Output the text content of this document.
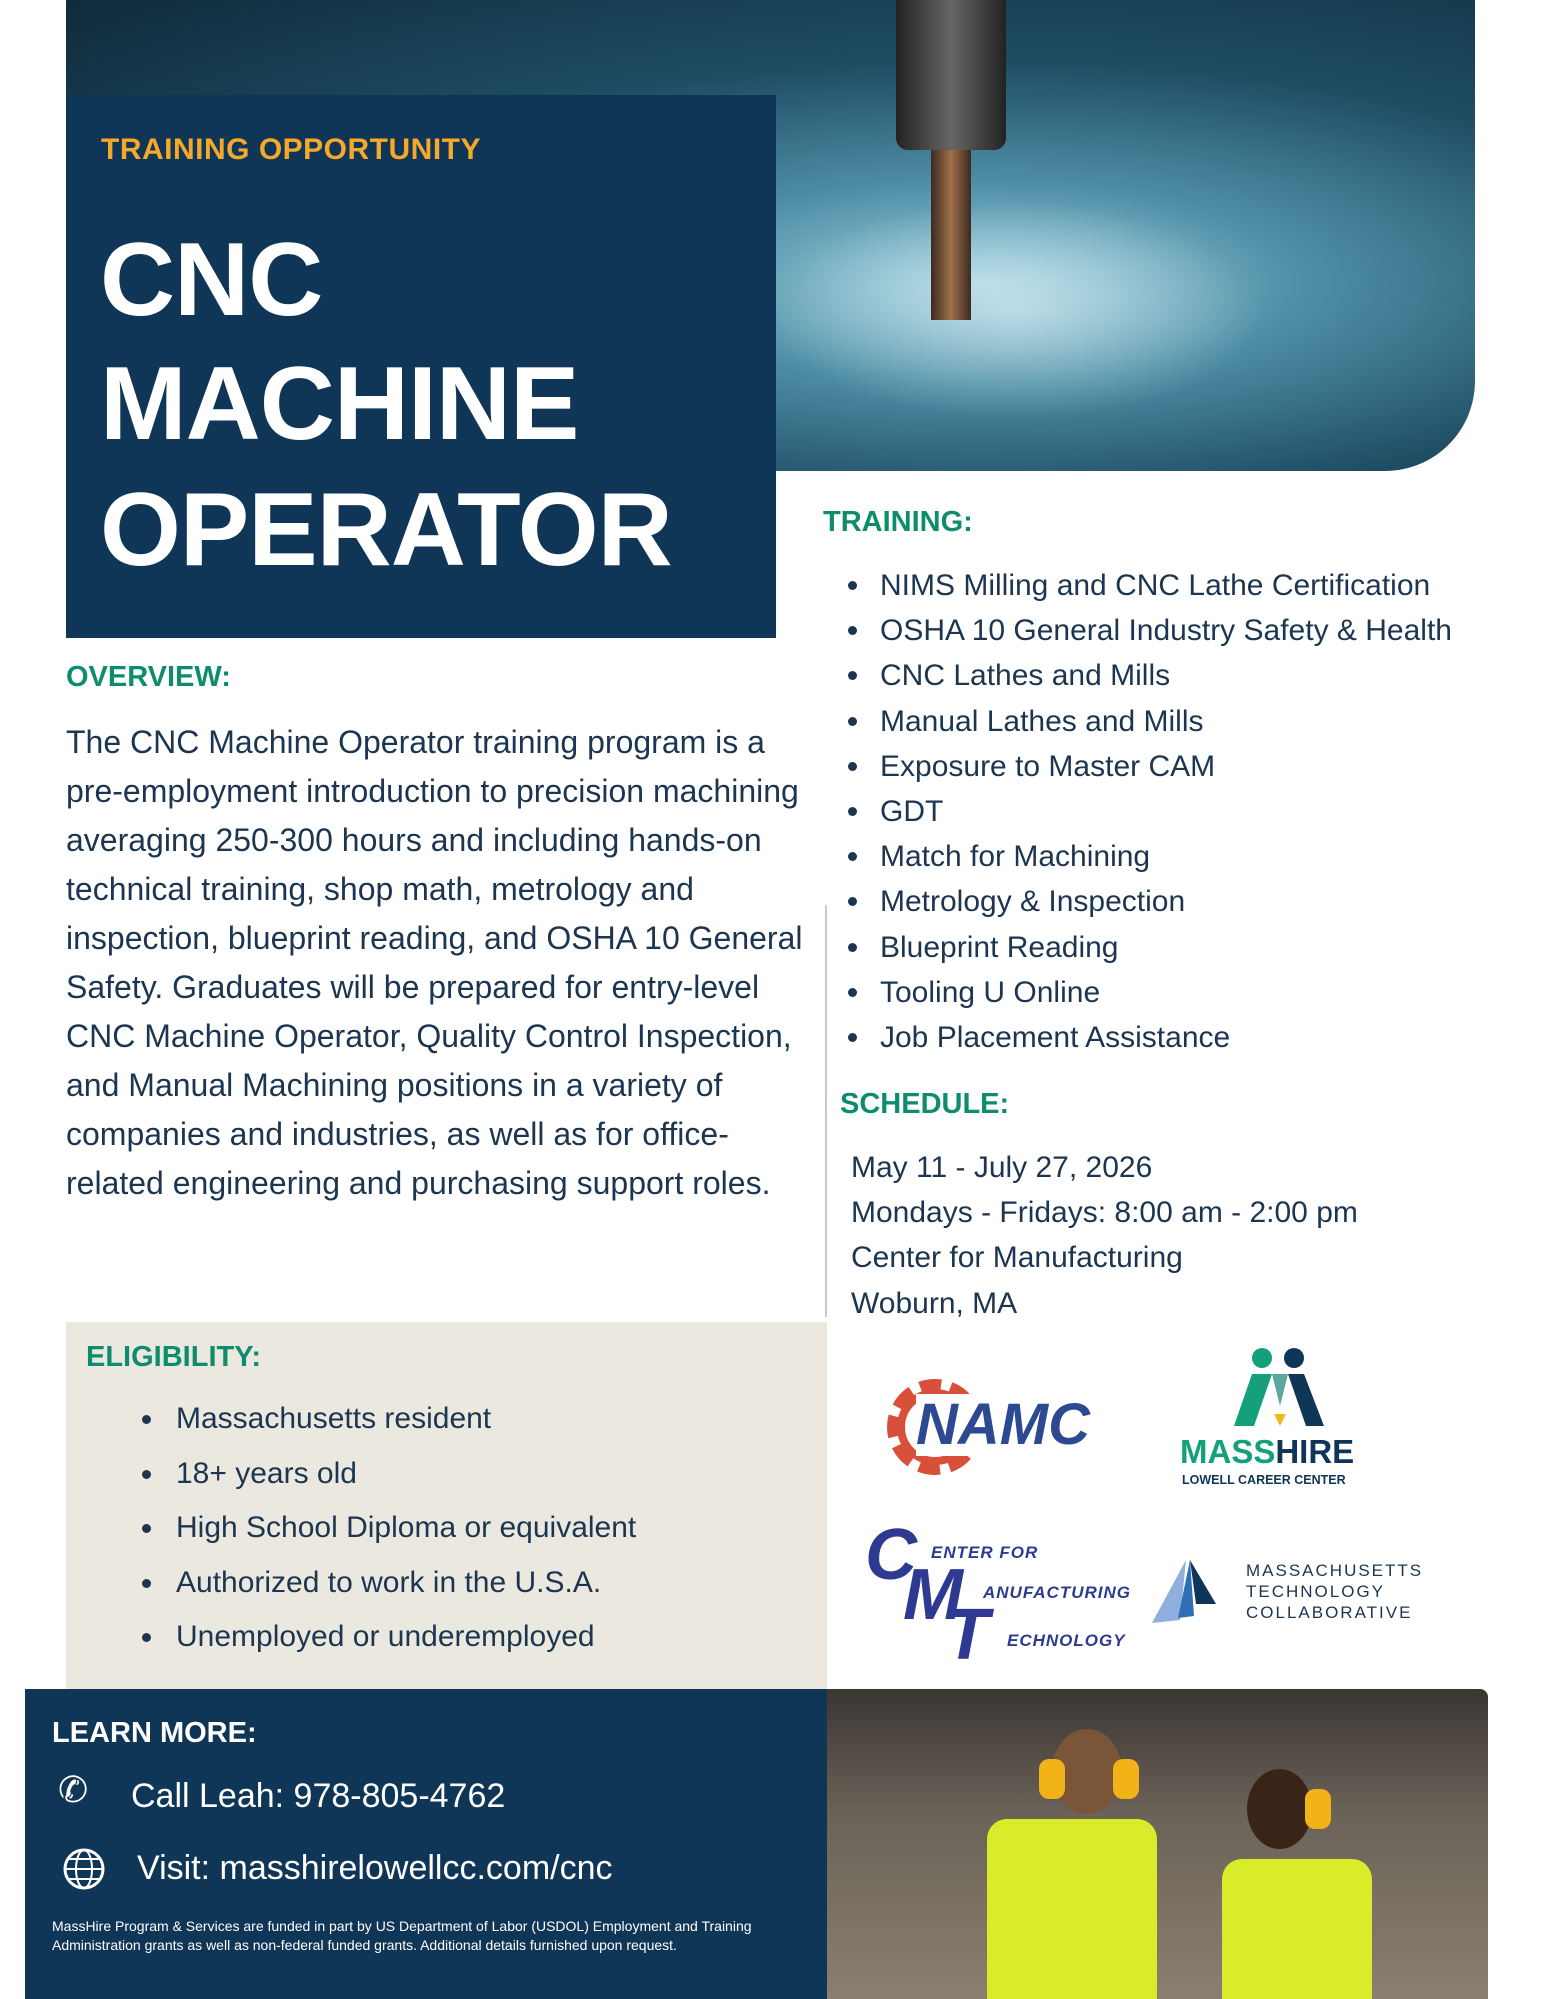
TRAINING OPPORTUNITY
CNC
MACHINE
OPERATOR
OVERVIEW:
The CNC Machine Operator training program is a pre-employment introduction to precision machining averaging 250-300 hours and including hands-on technical training, shop math, metrology and inspection, blueprint reading, and OSHA 10 General Safety. Graduates will be prepared for entry-level CNC Machine Operator, Quality Control Inspection, and Manual Machining positions in a variety of companies and industries, as well as for office-related engineering and purchasing support roles.
ELIGIBILITY:
Massachusetts resident
18+ years old
High School Diploma or equivalent
Authorized to work in the U.S.A.
Unemployed or underemployed
TRAINING:
NIMS Milling and CNC Lathe Certification
OSHA 10 General Industry Safety & Health
CNC Lathes and Mills
Manual Lathes and Mills
Exposure to Master CAM
GDT
Match for Machining
Metrology & Inspection
Blueprint Reading
Tooling U Online
Job Placement Assistance
SCHEDULE:
May 11 - July 27, 2026
Mondays - Fridays: 8:00 am - 2:00 pm
Center for Manufacturing
Woburn, MA
NAMC	MASSHIRE
LOWELL CAREER CENTER
C
M
T
ENTER FOR
ANUFACTURING
ECHNOLOGY
MASSACHUSETTS
TECHNOLOGY
COLLABORATIVE
LEARN MORE:
✆ Call Leah: 978-805-4762
Visit: masshirelowellcc.com/cnc
MassHire Program & Services are funded in part by US Department of Labor (USDOL) Employment and Training Administration grants as well as non-federal funded grants. Additional details furnished upon request.
